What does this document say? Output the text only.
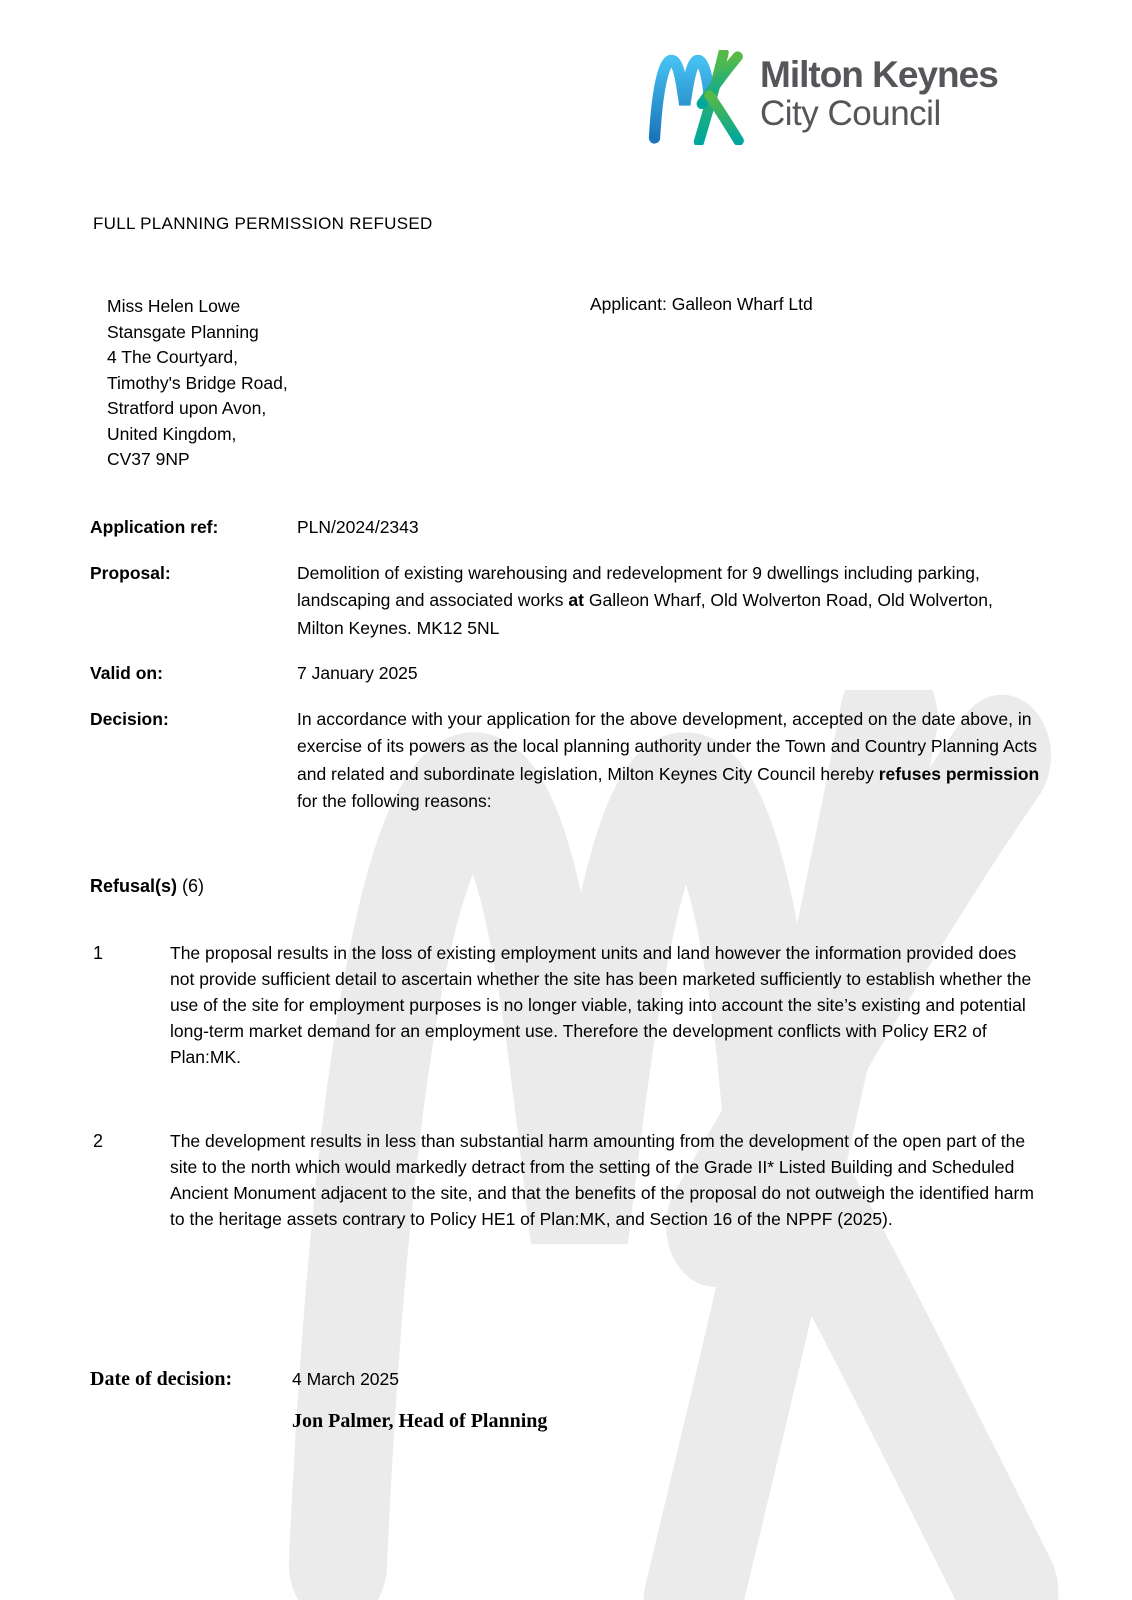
Milton Keynes
City Council
FULL PLANNING PERMISSION REFUSED
Miss Helen Lowe
Stansgate Planning
4 The Courtyard,
Timothy's Bridge Road,
Stratford upon Avon,
United Kingdom,
CV37 9NP
Applicant: Galleon Wharf Ltd
Application ref:	PLN/2024/2343
Proposal:	Demolition of existing warehousing and redevelopment for 9 dwellings including parking, landscaping and associated works at Galleon Wharf, Old Wolverton Road, Old Wolverton, Milton Keynes. MK12 5NL
Valid on:	7 January 2025
Decision:	In accordance with your application for the above development, accepted on the date above, in exercise of its powers as the local planning authority under the Town and Country Planning Acts and related and subordinate legislation, Milton Keynes City Council hereby refuses permission for the following reasons:
Refusal(s) (6)
1	The proposal results in the loss of existing employment units and land however the information provided does not provide sufficient detail to ascertain whether the site has been marketed sufficiently to establish whether the use of the site for employment purposes is no longer viable, taking into account the site’s existing and potential long-term market demand for an employment use. Therefore the development conflicts with Policy ER2 of Plan:MK.
2	The development results in less than substantial harm amounting from the development of the open part of the site to the north which would markedly detract from the setting of the Grade II* Listed Building and Scheduled Ancient Monument adjacent to the site, and that the benefits of the proposal do not outweigh the identified harm to the heritage assets contrary to Policy HE1 of Plan:MK, and Section 16 of the NPPF (2025).
Date of decision:	4 March 2025
Jon Palmer, Head of Planning
